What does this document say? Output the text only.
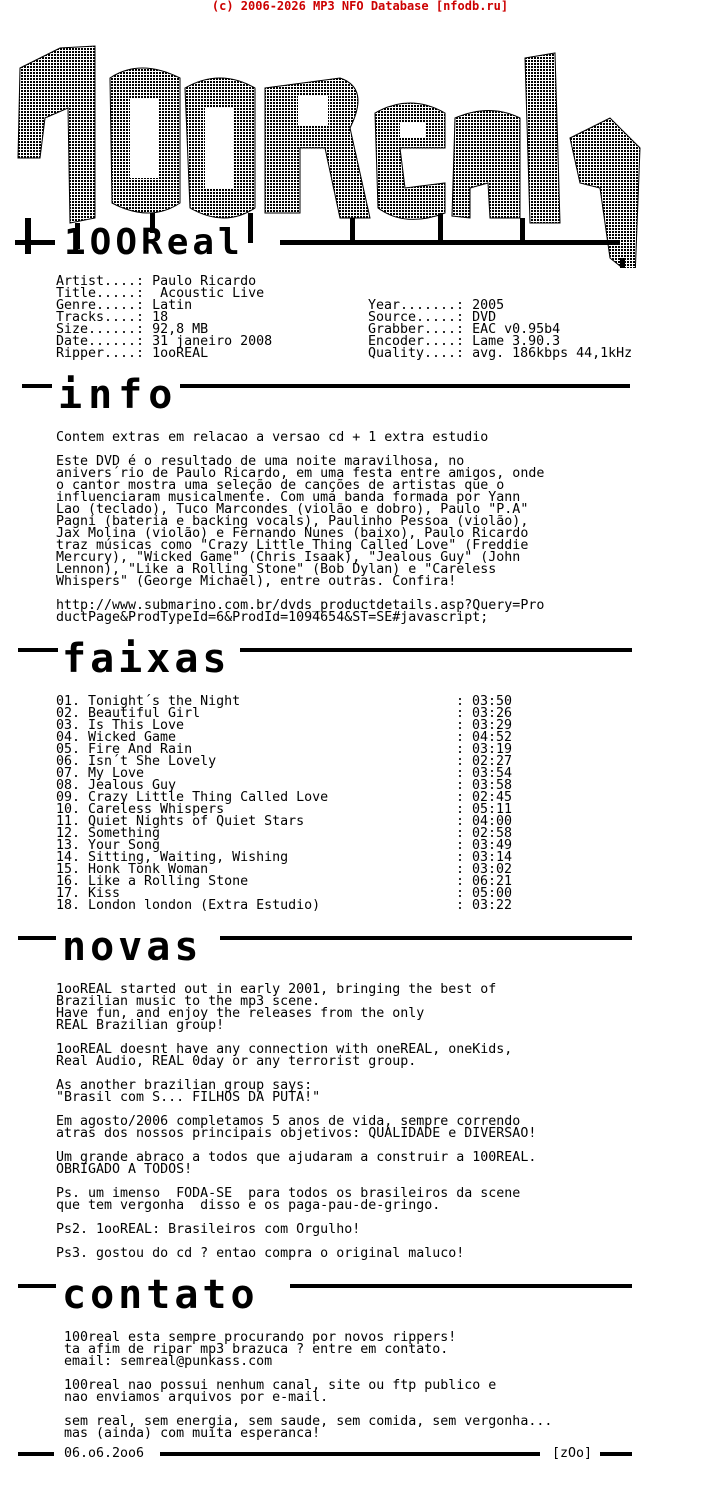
(c) 2006-2026 MP3 NFO Database [nfodb.ru]
1OOReal
Artist....: Paulo Ricardo
Title.....:  Acoustic Live
Genre.....: Latin
Tracks....: 18
Size......: 92,8 MB
Date......: 31 janeiro 2008
Ripper....: 1ooREAL
Year.......: 2005
Source.....: DVD
Grabber....: EAC v0.95b4
Encoder....: Lame 3.90.3
Quality....: avg. 186kbps 44,1kHz
info
Contem extras em relacao a versao cd + 1 extra estudio

Este DVD é o resultado de uma noite maravilhosa, no
anivers´rio de Paulo Ricardo, em uma festa entre amigos, onde
o cantor mostra uma seleção de canções de artistas que o
influenciaram musicalmente. Com uma banda formada por Yann
Lao (teclado), Tuco Marcondes (violão e dobro), Paulo "P.A"
Pagni (bateria e backing vocals), Paulinho Pessoa (violão),
Jax Molina (violão) e Fernando Nunes (baixo), Paulo Ricardo
traz músicas como "Crazy Little Thing Called Love" (Freddie
Mercury), "Wicked Game" (Chris Isaak), "Jealous Guy" (John
Lennon), "Like a Rolling Stone" (Bob Dylan) e "Careless
Whispers" (George Michael), entre outras. Confira!

http://www.submarino.com.br/dvds_productdetails.asp?Query=Pro
ductPage&ProdTypeId=6&ProdId=1094654&ST=SE#javascript;
faixas
01. Tonight´s the Night	: 03:50
02. Beautiful Girl	: 03:26
03. Is This Love	: 03:29
04. Wicked Game	: 04:52
05. Fire And Rain	: 03:19
06. Isn´t She Lovely	: 02:27
07. My Love	: 03:54
08. Jealous Guy	: 03:58
09. Crazy Little Thing Called Love	: 02:45
10. Careless Whispers	: 05:11
11. Quiet Nights of Quiet Stars	: 04:00
12. Something	: 02:58
13. Your Song	: 03:49
14. Sitting, Waiting, Wishing	: 03:14
15. Honk Tonk Woman	: 03:02
16. Like a Rolling Stone	: 06:21
17. Kiss	: 05:00
18. London london (Extra Estudio)	: 03:22
novas
1ooREAL started out in early 2001, bringing the best of
Brazilian music to the mp3 scene.
Have fun, and enjoy the releases from the only
REAL Brazilian group!

1ooREAL doesnt have any connection with oneREAL, oneKids,
Real Audio, REAL 0day or any terrorist group.

As another brazilian group says:
"Brasil com S... FILHOS DA PUTA!"

Em agosto/2006 completamos 5 anos de vida, sempre correndo
atras dos nossos principais objetivos: QUALIDADE e DIVERSAO!

Um grande abraco a todos que ajudaram a construir a 100REAL.
OBRIGADO A TODOS!

Ps. um imenso  FODA-SE  para todos os brasileiros da scene
que tem vergonha  disso e os paga-pau-de-gringo.

Ps2. 1ooREAL: Brasileiros com Orgulho!

Ps3. gostou do cd ? entao compra o original maluco!
contato
100real esta sempre procurando por novos rippers!
ta afim de ripar mp3 brazuca ? entre em contato.
email: semreal@punkass.com

100real nao possui nenhum canal, site ou ftp publico e
nao enviamos arquivos por e-mail.

sem real, sem energia, sem saude, sem comida, sem vergonha...
mas (ainda) com muita esperanca!
06.o6.2oo6	[zOo]
